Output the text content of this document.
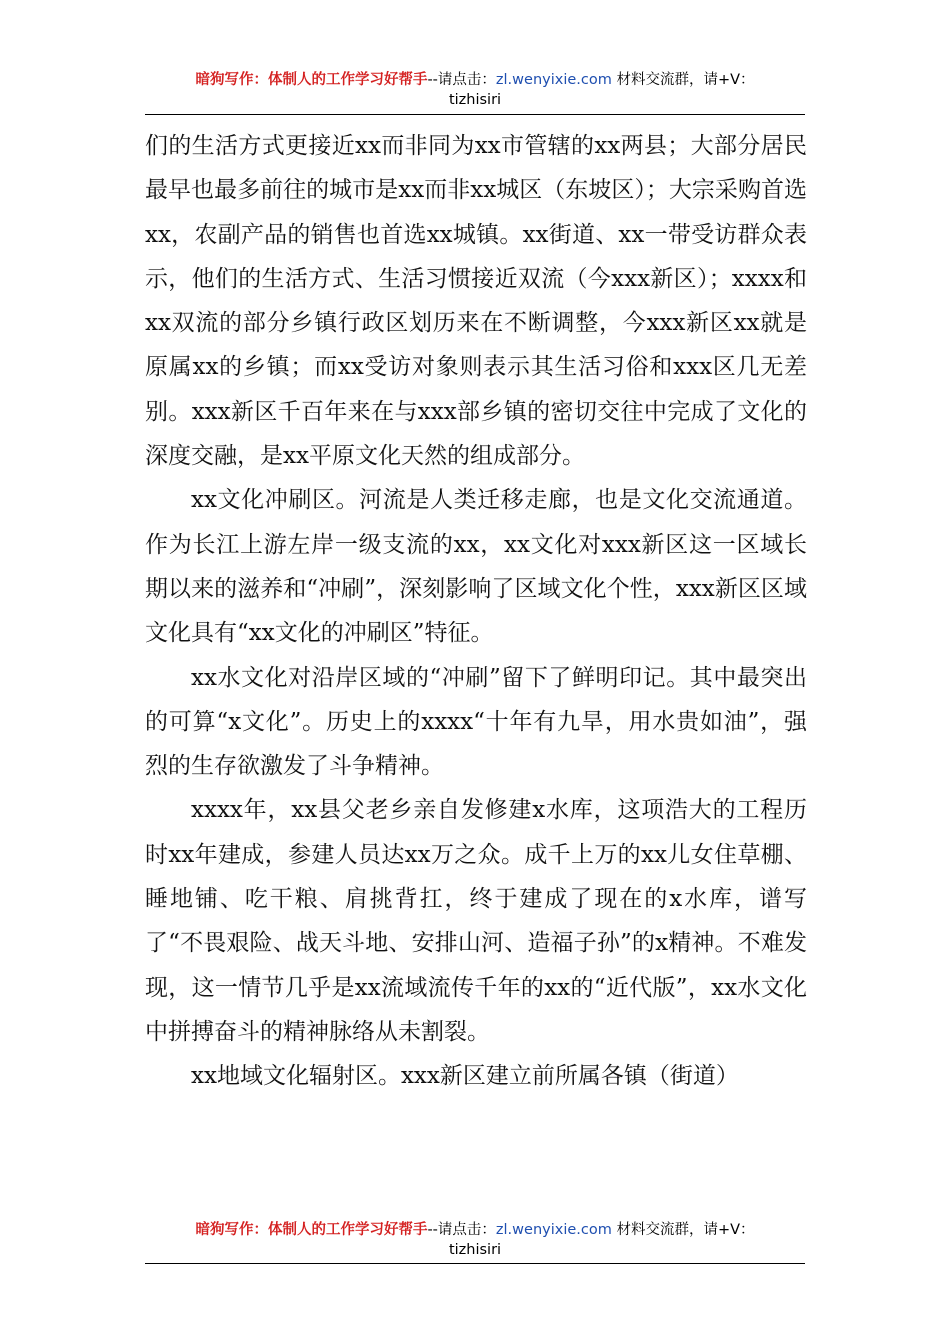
暗狗写作：体制人的工作学习好帮手--请点击：zl.wenyixie.com 材料交流群，请+V：
tizhisiri

们的生活方式更接近xx而非同为xx市管辖的xx两县；大部分居民最早也最多前往的城市是xx而非xx城区（东坡区）；大宗采购首选xx，农副产品的销售也首选xx城镇。xx街道、xx一带受访群众表示，他们的生活方式、生活习惯接近双流（今xxx新区）；xxxx和xx双流的部分乡镇行政区划历来在不断调整，今xxx新区xx就是原属xx的乡镇；而xx受访对象则表示其生活习俗和xxx区几无差别。xxx新区千百年来在与xxx部乡镇的密切交往中完成了文化的深度交融，是xx平原文化天然的组成部分。

xx文化冲刷区。河流是人类迁移走廊，也是文化交流通道。作为长江上游左岸一级支流的xx，xx文化对xxx新区这一区域长期以来的滋养和“冲刷”，深刻影响了区域文化个性，xxx新区区域文化具有“xx文化的冲刷区”特征。

xx水文化对沿岸区域的“冲刷”留下了鲜明印记。其中最突出的可算“x文化”。历史上的xxxx“十年有九旱，用水贵如油”，强烈的生存欲激发了斗争精神。

xxxx年，xx县父老乡亲自发修建x水库，这项浩大的工程历时xx年建成，参建人员达xx万之众。成千上万的xx儿女住草棚、睡地铺、吃干粮、肩挑背扛，终于建成了现在的x水库，谱写了“不畏艰险、战天斗地、安排山河、造福子孙”的x精神。不难发现，这一情节几乎是xx流域流传千年的xx的“近代版”，xx水文化中拼搏奋斗的精神脉络从未割裂。

xx地域文化辐射区。xxx新区建立前所属各镇（街道）

暗狗写作：体制人的工作学习好帮手--请点击：zl.wenyixie.com 材料交流群，请+V：
tizhisiri
